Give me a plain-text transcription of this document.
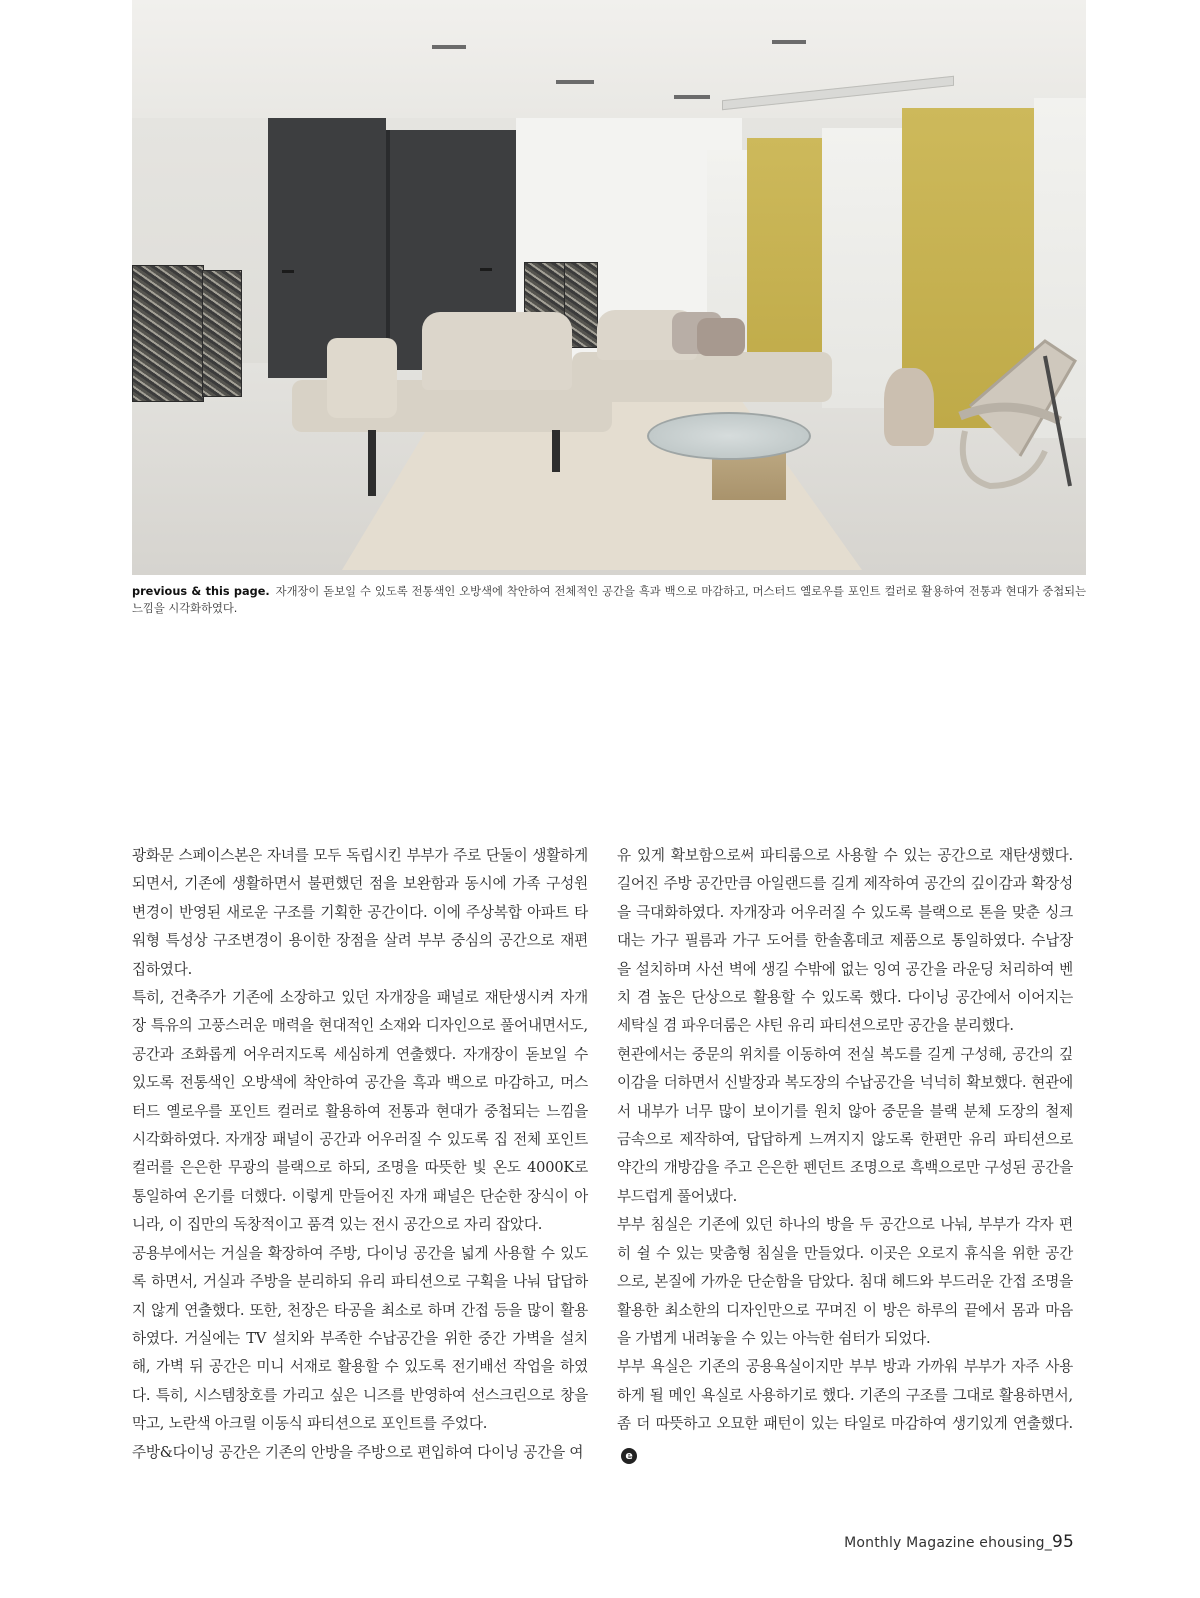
previous & this page. 자개장이 돋보일 수 있도록 전통색인 오방색에 착안하여 전체적인 공간을 흑과 백으로 마감하고, 머스터드 옐로우를 포인트 컬러로 활용하여 전통과 현대가 중첩되는 느낌을 시각화하였다.

광화문 스페이스본은 자녀를 모두 독립시킨 부부가 주로 단둘이 생활하게 되면서, 기존에 생활하면서 불편했던 점을 보완함과 동시에 가족 구성원 변경이 반영된 새로운 구조를 기획한 공간이다. 이에 주상복합 아파트 타워형 특성상 구조변경이 용이한 장점을 살려 부부 중심의 공간으로 재편집하였다.

특히, 건축주가 기존에 소장하고 있던 자개장을 패널로 재탄생시켜 자개장 특유의 고풍스러운 매력을 현대적인 소재와 디자인으로 풀어내면서도, 공간과 조화롭게 어우러지도록 세심하게 연출했다. 자개장이 돋보일 수 있도록 전통색인 오방색에 착안하여 공간을 흑과 백으로 마감하고, 머스터드 옐로우를 포인트 컬러로 활용하여 전통과 현대가 중첩되는 느낌을 시각화하였다. 자개장 패널이 공간과 어우러질 수 있도록 집 전체 포인트 컬러를 은은한 무광의 블랙으로 하되, 조명을 따뜻한 빛 온도 4000K로 통일하여 온기를 더했다. 이렇게 만들어진 자개 패널은 단순한 장식이 아니라, 이 집만의 독창적이고 품격 있는 전시 공간으로 자리 잡았다.

공용부에서는 거실을 확장하여 주방, 다이닝 공간을 넓게 사용할 수 있도록 하면서, 거실과 주방을 분리하되 유리 파티션으로 구획을 나눠 답답하지 않게 연출했다. 또한, 천장은 타공을 최소로 하며 간접 등을 많이 활용하였다. 거실에는 TV 설치와 부족한 수납공간을 위한 중간 가벽을 설치해, 가벽 뒤 공간은 미니 서재로 활용할 수 있도록 전기배선 작업을 하였다. 특히, 시스템창호를 가리고 싶은 니즈를 반영하여 선스크린으로 창을 막고, 노란색 아크릴 이동식 파티션으로 포인트를 주었다.

주방&다이닝 공간은 기존의 안방을 주방으로 편입하여 다이닝 공간을 여

유 있게 확보함으로써 파티룸으로 사용할 수 있는 공간으로 재탄생했다. 길어진 주방 공간만큼 아일랜드를 길게 제작하여 공간의 깊이감과 확장성을 극대화하였다. 자개장과 어우러질 수 있도록 블랙으로 톤을 맞춘 싱크대는 가구 필름과 가구 도어를 한솔홈데코 제품으로 통일하였다. 수납장을 설치하며 사선 벽에 생길 수밖에 없는 잉여 공간을 라운딩 처리하여 벤치 겸 높은 단상으로 활용할 수 있도록 했다. 다이닝 공간에서 이어지는 세탁실 겸 파우더룸은 샤틴 유리 파티션으로만 공간을 분리했다.

현관에서는 중문의 위치를 이동하여 전실 복도를 길게 구성해, 공간의 깊이감을 더하면서 신발장과 복도장의 수납공간을 넉넉히 확보했다. 현관에서 내부가 너무 많이 보이기를 원치 않아 중문을 블랙 분체 도장의 철제 금속으로 제작하여, 답답하게 느껴지지 않도록 한편만 유리 파티션으로 약간의 개방감을 주고 은은한 펜던트 조명으로 흑백으로만 구성된 공간을 부드럽게 풀어냈다.

부부 침실은 기존에 있던 하나의 방을 두 공간으로 나눠, 부부가 각자 편히 쉴 수 있는 맞춤형 침실을 만들었다. 이곳은 오로지 휴식을 위한 공간으로, 본질에 가까운 단순함을 담았다. 침대 헤드와 부드러운 간접 조명을 활용한 최소한의 디자인만으로 꾸며진 이 방은 하루의 끝에서 몸과 마음을 가볍게 내려놓을 수 있는 아늑한 쉼터가 되었다.

부부 욕실은 기존의 공용욕실이지만 부부 방과 가까워 부부가 자주 사용하게 될 메인 욕실로 사용하기로 했다. 기존의 구조를 그대로 활용하면서, 좀 더 따뜻하고 오묘한 패턴이 있는 타일로 마감하여 생기있게 연출했다.e

Monthly Magazine ehousing_95
